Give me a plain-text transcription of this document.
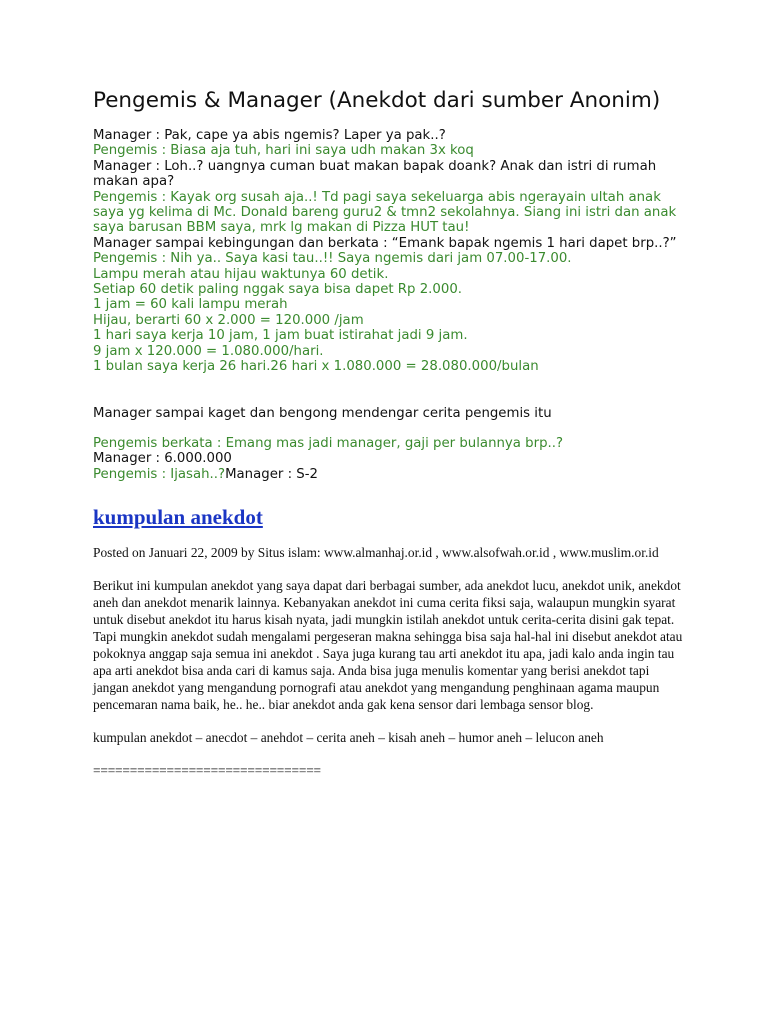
Pengemis & Manager (Anekdot dari sumber Anonim)
Manager : Pak, cape ya abis ngemis? Laper ya pak..?
Pengemis : Biasa aja tuh, hari ini saya udh makan 3x koq
Manager : Loh..? uangnya cuman buat makan bapak doank? Anak dan istri di rumah makan apa?
Pengemis : Kayak org susah aja..! Td pagi saya sekeluarga abis ngerayain ultah anak saya yg kelima di Mc. Donald bareng guru2 & tmn2 sekolahnya. Siang ini istri dan anak saya barusan BBM saya, mrk lg makan di Pizza HUT tau!
Manager sampai kebingungan dan berkata : “Emank bapak ngemis 1 hari dapet brp..?”
Pengemis : Nih ya.. Saya kasi tau..!! Saya ngemis dari jam 07.00-17.00.
Lampu merah atau hijau waktunya 60 detik.
Setiap 60 detik paling nggak saya bisa dapet Rp 2.000.
1 jam = 60 kali lampu merah
Hijau, berarti 60 x 2.000 = 120.000 /jam
1 hari saya kerja 10 jam, 1 jam buat istirahat jadi 9 jam.
9 jam x 120.000 = 1.080.000/hari.
1 bulan saya kerja 26 hari.26 hari x 1.080.000 = 28.080.000/bulan
Manager sampai kaget dan bengong mendengar cerita pengemis itu
Pengemis berkata : Emang mas jadi manager, gaji per bulannya brp..?
Manager : 6.000.000
Pengemis : Ijasah..?Manager : S-2
kumpulan anekdot

Posted on Januari 22, 2009 by Situs islam: www.almanhaj.or.id , www.alsofwah.or.id , www.muslim.or.id

Berikut ini kumpulan anekdot yang saya dapat dari berbagai sumber, ada anekdot lucu, anekdot unik, anekdot aneh dan anekdot menarik lainnya. Kebanyakan anekdot ini cuma cerita fiksi saja, walaupun mungkin syarat untuk disebut anekdot itu harus kisah nyata, jadi mungkin istilah anekdot untuk cerita-cerita disini gak tepat. Tapi mungkin anekdot sudah mengalami pergeseran makna sehingga bisa saja hal-hal ini disebut anekdot atau pokoknya anggap saja semua ini anekdot . Saya juga kurang tau arti anekdot itu apa, jadi kalo anda ingin tau apa arti anekdot bisa anda cari di kamus saja. Anda bisa juga menulis komentar yang berisi anekdot tapi jangan anekdot yang mengandung pornografi atau anekdot yang mengandung penghinaan agama maupun pencemaran nama baik, he.. he.. biar anekdot anda gak kena sensor dari lembaga sensor blog.

kumpulan anekdot – anecdot – anehdot – cerita aneh – kisah aneh – humor aneh – lelucon aneh

===============================
